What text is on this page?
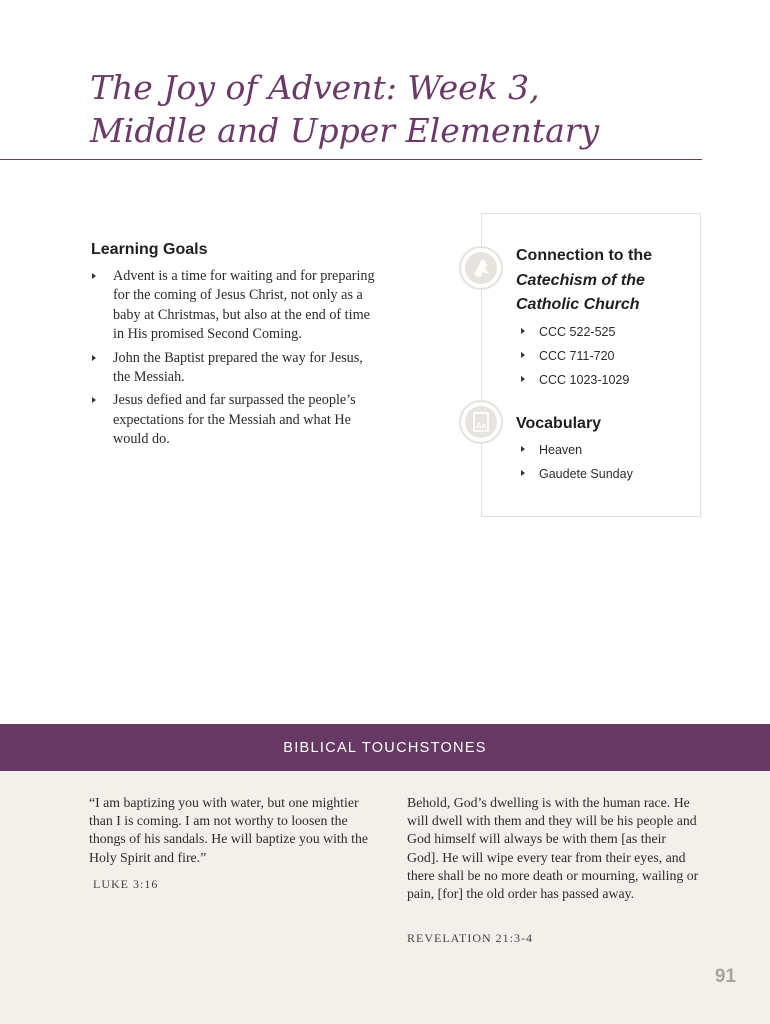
The Joy of Advent: Week 3, Middle and Upper Elementary
Learning Goals
Advent is a time for waiting and for preparing for the coming of Jesus Christ, not only as a baby at Christmas, but also at the end of time in His promised Second Coming.
John the Baptist prepared the way for Jesus, the Messiah.
Jesus defied and far surpassed the people’s expectations for the Messiah and what He would do.
Connection to the
Catechism of the
Catholic Church
CCC 522-525
CCC 711-720
CCC 1023-1029
Aa Vocabulary
Heaven
Gaudete Sunday
BIBLICAL TOUCHSTONES

“I am baptizing you with water, but one mightier than I is coming. I am not worthy to loosen the thongs of his sandals. He will baptize you with the Holy Spirit and fire.”

LUKE 3:16

Behold, God’s dwelling is with the human race. He will dwell with them and they will be his people and God himself will always be with them [as their God]. He will wipe every tear from their eyes, and there shall be no more death or mourning, wailing or pain, [for] the old order has passed away.

REVELATION 21:3-4

91
